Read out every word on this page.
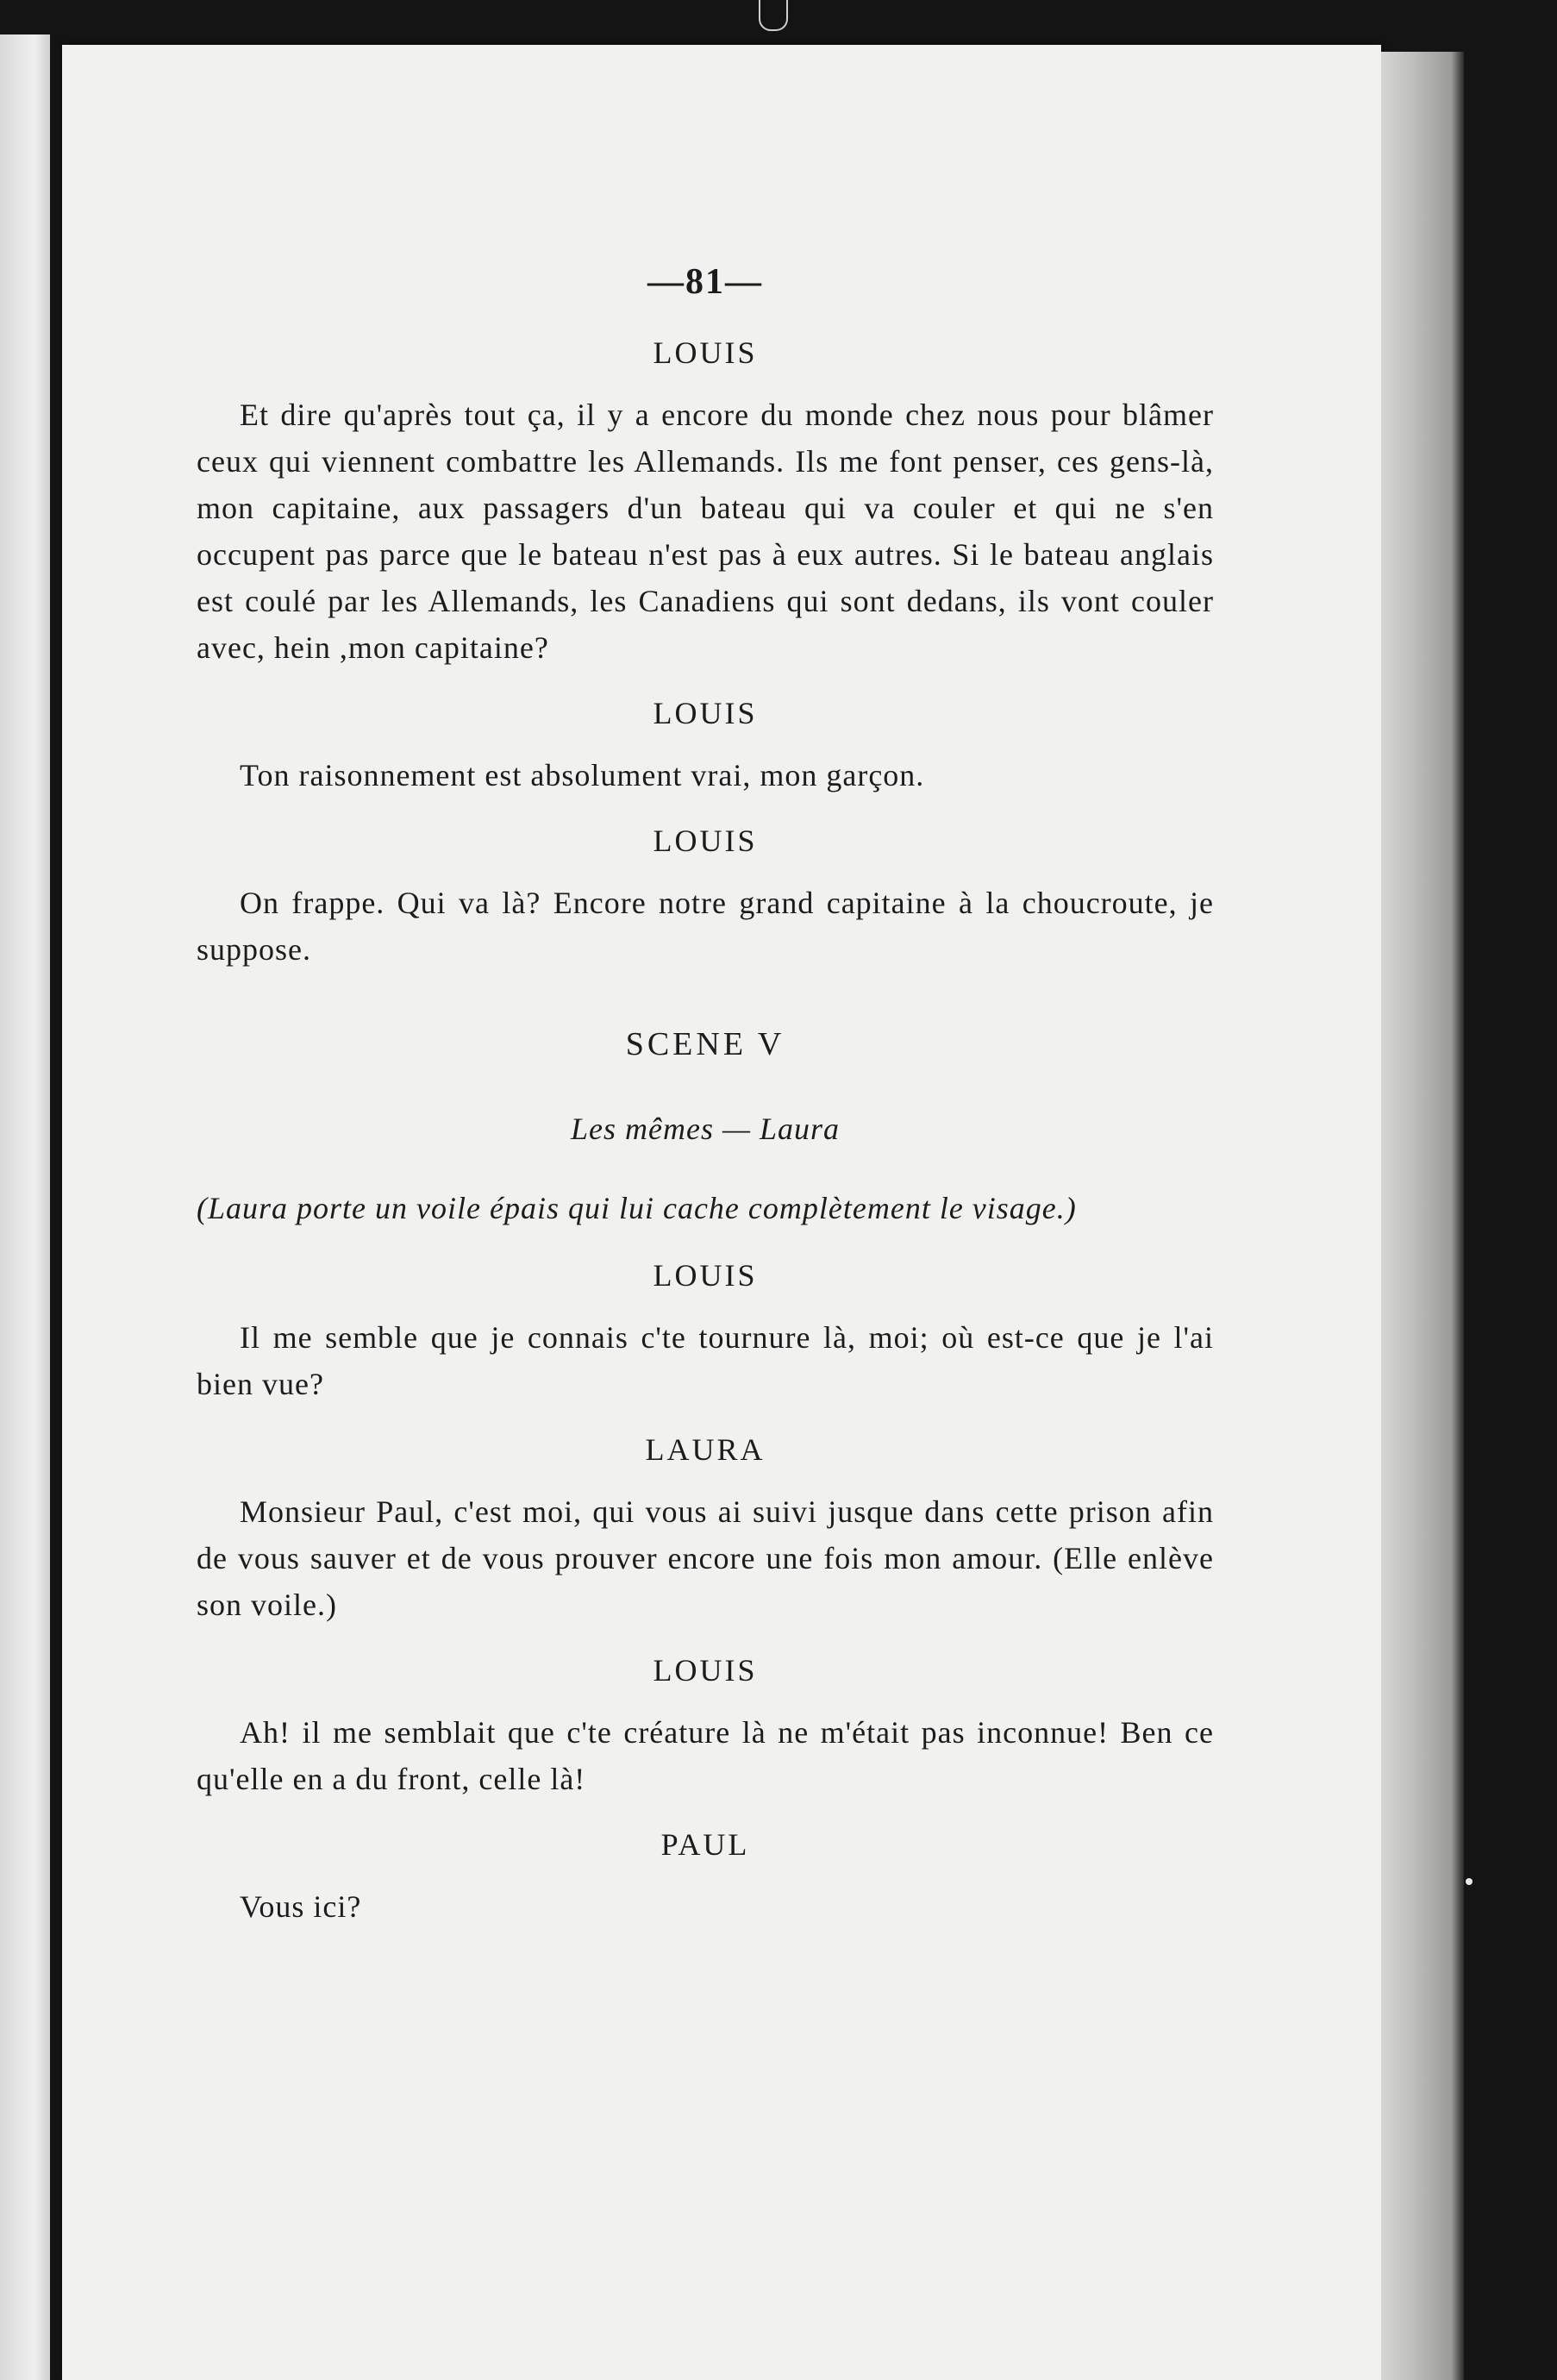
—81—
LOUIS

Et dire qu'après tout ça, il y a encore du monde chez nous pour blâmer ceux qui viennent combattre les Allemands. Ils me font penser, ces gens-là, mon capitaine, aux passagers d'un bateau qui va couler et qui ne s'en occupent pas parce que le bateau n'est pas à eux autres. Si le bateau anglais est coulé par les Allemands, les Canadiens qui sont dedans, ils vont couler avec, hein ,mon capitaine?

LOUIS

Ton raisonnement est absolument vrai, mon garçon.

LOUIS

On frappe. Qui va là? Encore notre grand capitaine à la choucroute, je suppose.

SCENE V
Les mêmes — Laura

(Laura porte un voile épais qui lui cache complètement le visage.)

LOUIS

Il me semble que je connais c'te tournure là, moi; où est-ce que je l'ai bien vue?

LAURA

Monsieur Paul, c'est moi, qui vous ai suivi jusque dans cette prison afin de vous sauver et de vous prouver encore une fois mon amour. (Elle enlève son voile.)

LOUIS

Ah! il me semblait que c'te créature là ne m'était pas inconnue! Ben ce qu'elle en a du front, celle là!

PAUL

Vous ici?
